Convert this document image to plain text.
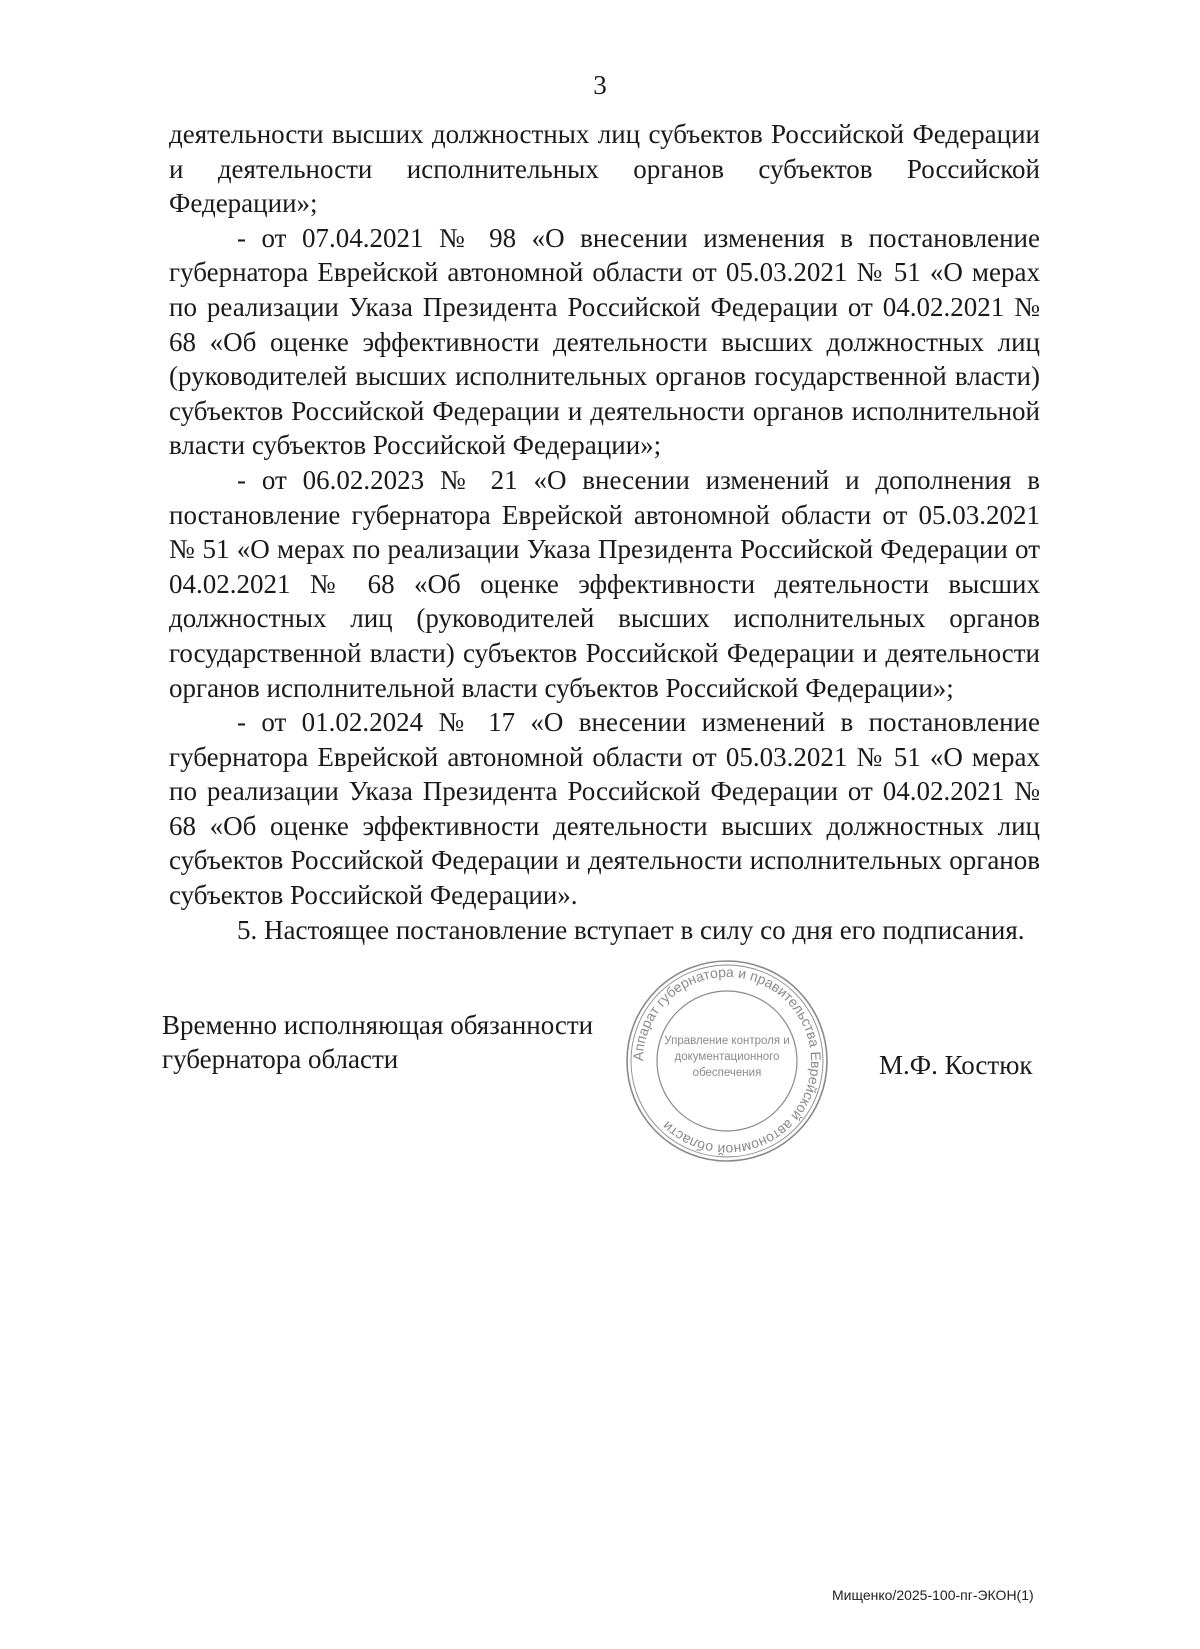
3

деятельности высших должностных лиц субъектов Российской Федерации и деятельности исполнительных органов субъектов Российской Федерации»;

- от 07.04.2021 № 98 «О внесении изменения в постановление губернатора Еврейской автономной области от 05.03.2021 № 51 «О мерах по реализации Указа Президента Российской Федерации от 04.02.2021 № 68 «Об оценке эффективности деятельности высших должностных лиц (руководителей высших исполнительных органов государственной власти) субъектов Российской Федерации и деятельности органов исполнительной власти субъектов Российской Федерации»;

- от 06.02.2023 № 21 «О внесении изменений и дополнения в постановление губернатора Еврейской автономной области от 05.03.2021 № 51 «О мерах по реализации Указа Президента Российской Федерации от 04.02.2021 № 68 «Об оценке эффективности деятельности высших должностных лиц (руководителей высших исполнительных органов государственной власти) субъектов Российской Федерации и деятельности органов исполнительной власти субъектов Российской Федерации»;

- от 01.02.2024 № 17 «О внесении изменений в постановление губернатора Еврейской автономной области от 05.03.2021 № 51 «О мерах по реализации Указа Президента Российской Федерации от 04.02.2021 № 68 «Об оценке эффективности деятельности высших должностных лиц субъектов Российской Федерации и деятельности исполнительных органов субъектов Российской Федерации».

5. Настоящее постановление вступает в силу со дня его подписания.

Временно исполняющая обязанности
губернатора области	Аппарат губернатора и правительства Еврейской автономной области
Управление контроля и
документационного
обеспечения	М.Ф. Костюк
Мищенко/2025-100-пг-ЭКОН(1)
